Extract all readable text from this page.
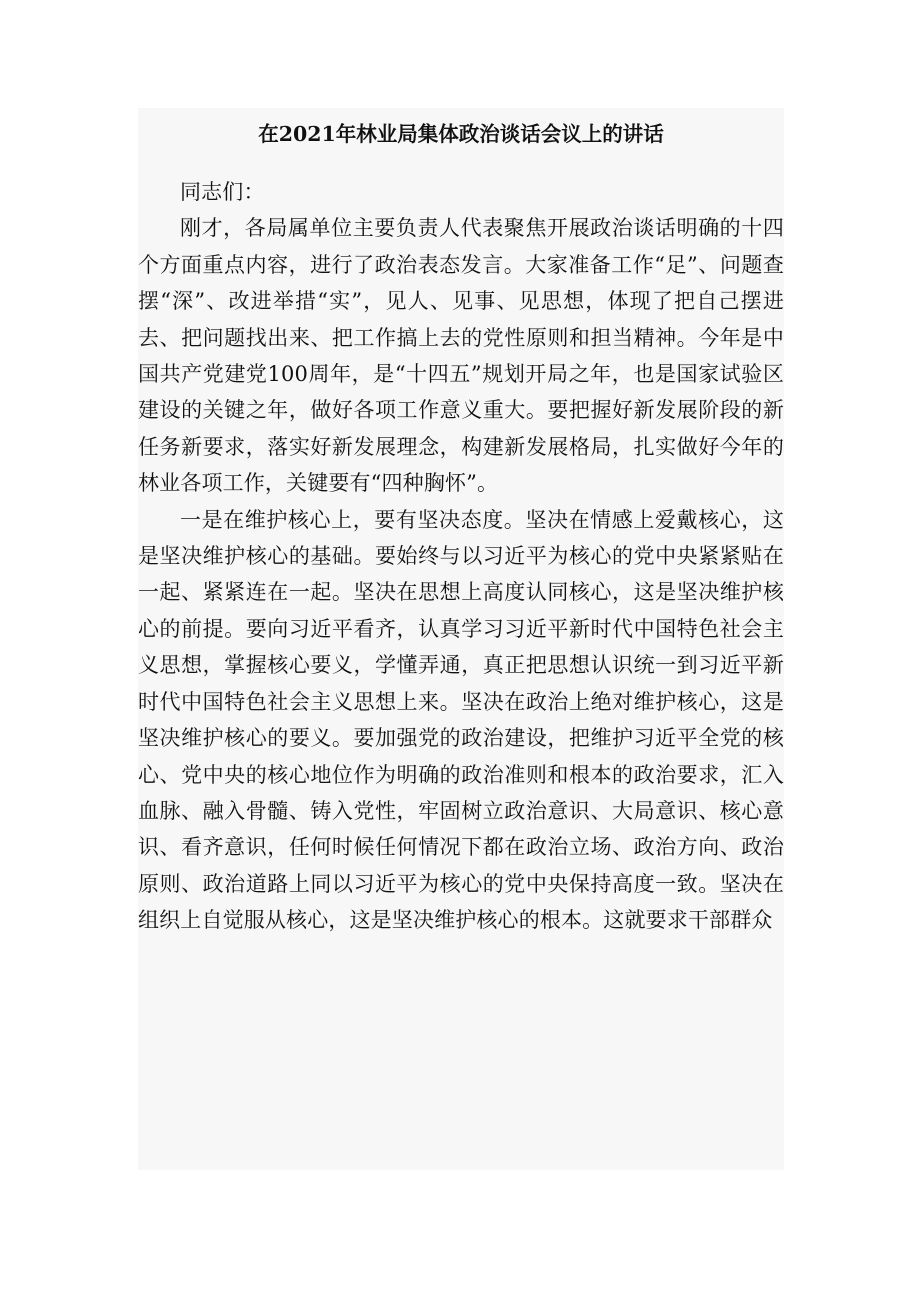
在2021年林业局集体政治谈话会议上的讲话

同志们：

刚才，各局属单位主要负责人代表聚焦开展政治谈话明确的十四个方面重点内容，进行了政治表态发言。大家准备工作“足”、问题查摆“深”、改进举措“实”，见人、见事、见思想，体现了把自己摆进去、把问题找出来、把工作搞上去的党性原则和担当精神。今年是中国共产党建党100周年，是“十四五”规划开局之年，也是国家试验区建设的关键之年，做好各项工作意义重大。要把握好新发展阶段的新任务新要求，落实好新发展理念，构建新发展格局，扎实做好今年的林业各项工作，关键要有“四种胸怀”。

一是在维护核心上，要有坚决态度。坚决在情感上爱戴核心，这是坚决维护核心的基础。要始终与以习近平为核心的党中央紧紧贴在一起、紧紧连在一起。坚决在思想上高度认同核心，这是坚决维护核心的前提。要向习近平看齐，认真学习习近平新时代中国特色社会主义思想，掌握核心要义，学懂弄通，真正把思想认识统一到习近平新时代中国特色社会主义思想上来。坚决在政治上绝对维护核心，这是坚决维护核心的要义。要加强党的政治建设，把维护习近平全党的核心、党中央的核心地位作为明确的政治准则和根本的政治要求，汇入血脉、融入骨髓、铸入党性，牢固树立政治意识、大局意识、核心意识、看齐意识，任何时候任何情况下都在政治立场、政治方向、政治原则、政治道路上同以习近平为核心的党中央保持高度一致。坚决在组织上自觉服从核心，这是坚决维护核心的根本。这就要求干部群众
